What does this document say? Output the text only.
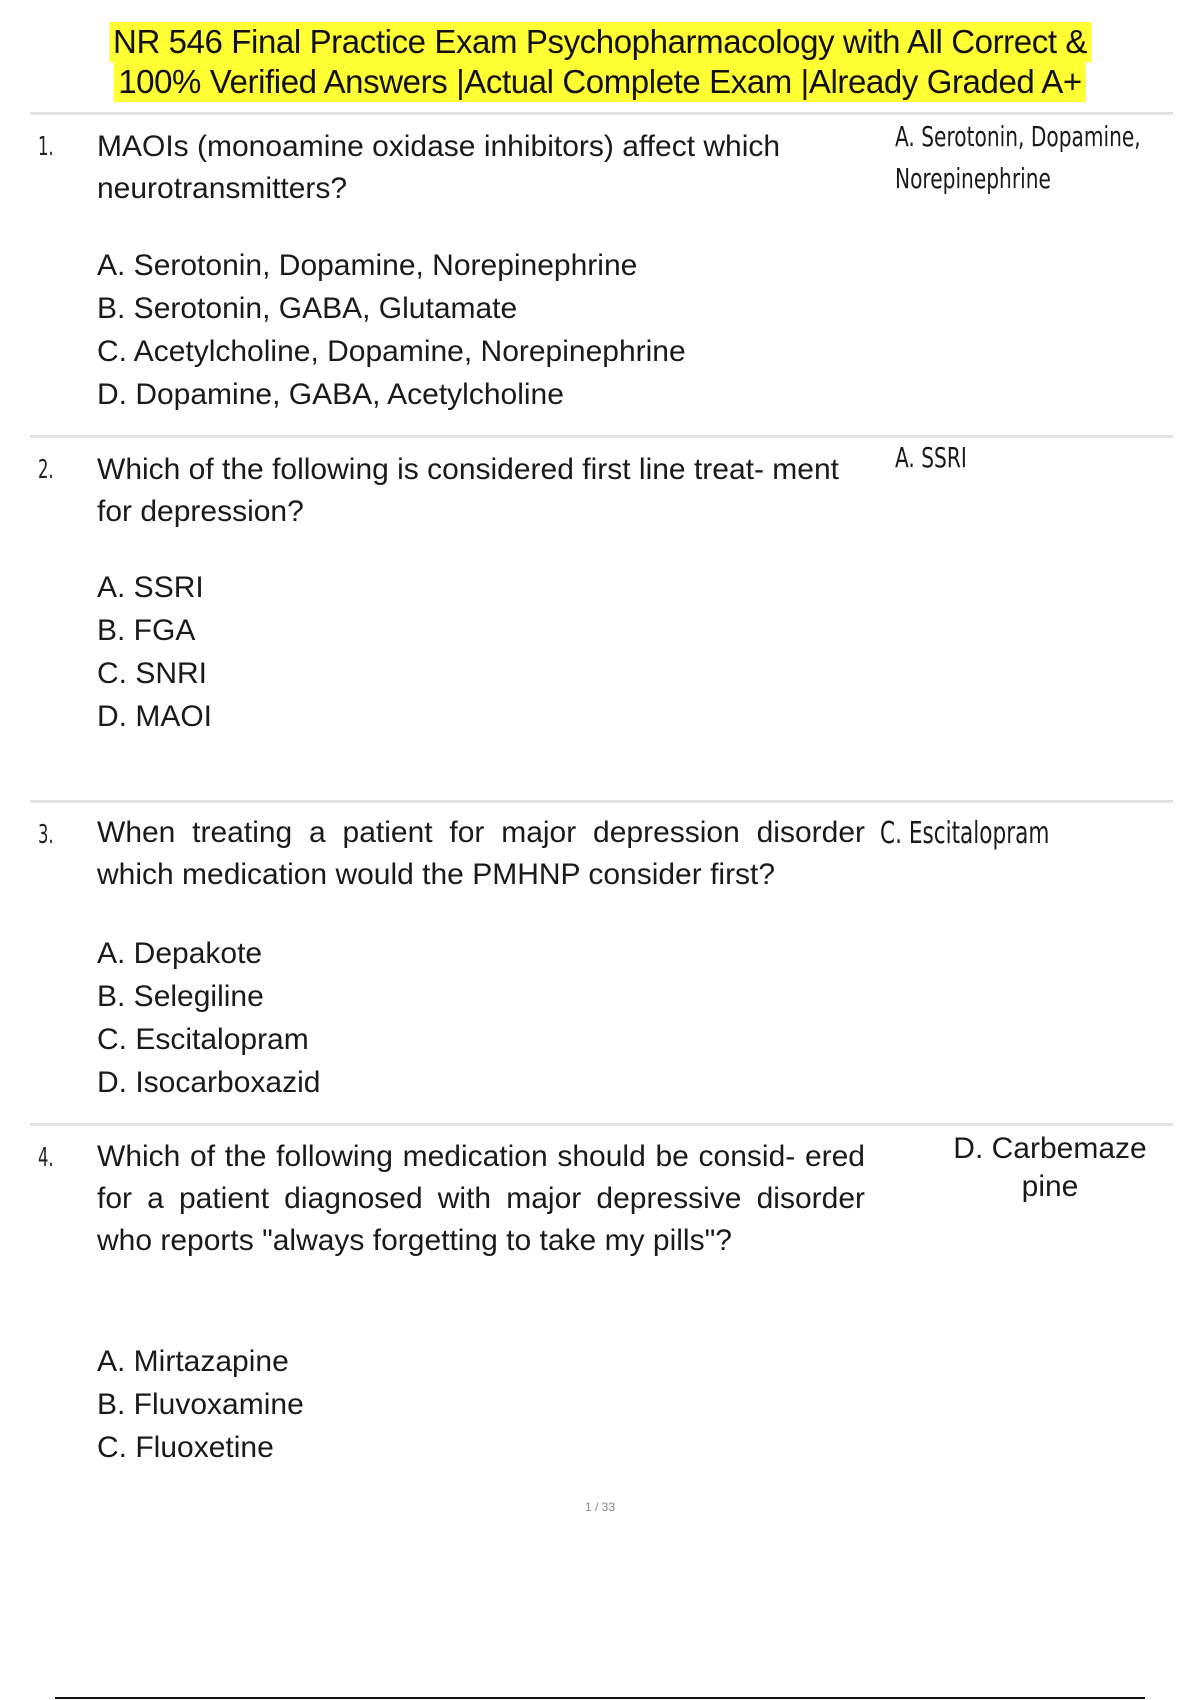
NR 546 Final Practice Exam Psychopharmacology with All Correct &
100% Verified Answers |Actual Complete Exam |Already Graded A+
1. MAOIs (monoamine oxidase inhibitors) affect which neurotransmitters?

A. Serotonin, Dopamine, Norepinephrine
B. Serotonin, GABA, Glutamate
C. Acetylcholine, Dopamine, Norepinephrine
D. Dopamine, GABA, Acetylcholine
A. Serotonin, Dopamine,
Norepinephrine
2. Which of the following is considered first line treat- ment for depression?

A. SSRI
B. FGA
C. SNRI
D. MAOI
A. SSRI
3. When treating a patient for major depression disorder which medication would the PMHNP consider first?

A. Depakote
B. Selegiline
C. Escitalopram
D. Isocarboxazid
C. Escitalopram
4. Which of the following medication should be consid- ered for a patient diagnosed with major depressive disorder who reports "always forgetting to take my pills"?

A. Mirtazapine
B. Fluvoxamine
C. Fluoxetine
D. Carbemaze
pine
1 / 33
